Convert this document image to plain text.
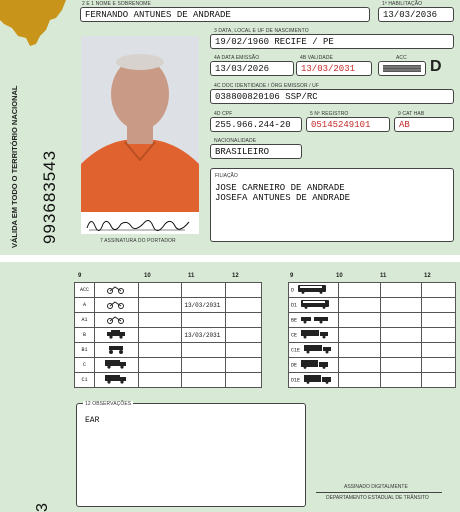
VÁLIDA EM TODO O TERRITÓRIO NACIONAL 993683543	7 ASSINATURA DO PORTADOR
2 E 1 NOME E SOBRENOME
FERNANDO ANTUNES DE ANDRADE
1ª HABILITAÇÃO
13/03/2036
3 DATA, LOCAL E UF DE NASCIMENTO
19/02/1960 RECIFE / PE
4A DATA EMISSÃO
13/03/2026
4B VALIDADE
13/03/2031
ACC D
4C DOC IDENTIDADE / ÓRG EMISSOR / UF
038800820106 SSP/RC
4D CPF
255.966.244-20
5 Nº REGISTRO
05145249101
9 CAT HAB
AB
NACIONALIDADE
BRASILEIRO
FILIAÇÃO
JOSE CARNEIRO DE ANDRADE
JOSEFA ANTUNES DE ANDRADE
3
9	10	11	12	9	10	11	12
ACC				
A			13/03/2031	
A1				
B			13/03/2031	
B1				
C				
C1				
D			
D1			
BE			
CE			
C1E			
DE			
D1E			
12 OBSERVAÇÕES
EAR
ASSINADO DIGITALMENTE
DEPARTAMENTO ESTADUAL DE TRÂNSITO
